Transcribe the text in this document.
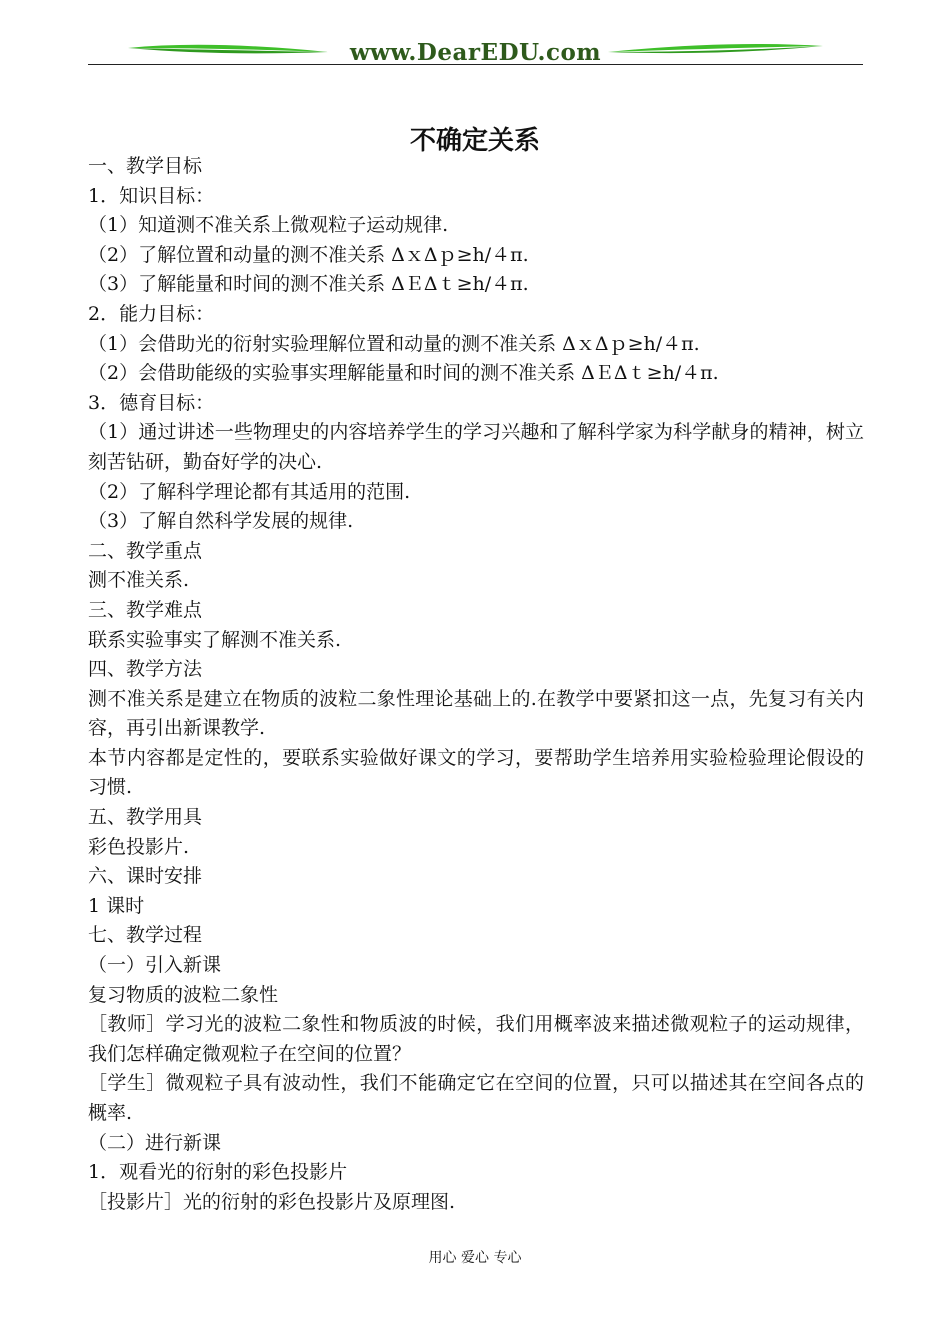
www.DearEDU.com
不确定关系
一、教学目标
1．知识目标：
（1）知道测不准关系上微观粒子运动规律.
（2）了解位置和动量的测不准关系 ΔｘΔｐ≥h/４π.
（3）了解能量和时间的测不准关系 ΔＥΔｔ≥h/４π.
2．能力目标：
（1）会借助光的衍射实验理解位置和动量的测不准关系 ΔｘΔｐ≥h/４π.
（2）会借助能级的实验事实理解能量和时间的测不准关系 ΔＥΔｔ≥h/４π.
3．德育目标：
（1）通过讲述一些物理史的内容培养学生的学习兴趣和了解科学家为科学献身的精神，树立刻苦钻研，勤奋好学的决心.
（2）了解科学理论都有其适用的范围.
（3）了解自然科学发展的规律.
二、教学重点
测不准关系.
三、教学难点
联系实验事实了解测不准关系.
四、教学方法
测不准关系是建立在物质的波粒二象性理论基础上的.在教学中要紧扣这一点，先复习有关内容，再引出新课教学.
本节内容都是定性的，要联系实验做好课文的学习，要帮助学生培养用实验检验理论假设的习惯.
五、教学用具
彩色投影片.
六、课时安排
1 课时
七、教学过程
（一）引入新课
复习物质的波粒二象性
［教师］学习光的波粒二象性和物质波的时候，我们用概率波来描述微观粒子的运动规律，我们怎样确定微观粒子在空间的位置？
［学生］微观粒子具有波动性，我们不能确定它在空间的位置，只可以描述其在空间各点的概率.
（二）进行新课
1．观看光的衍射的彩色投影片
［投影片］光的衍射的彩色投影片及原理图.
用心 爱心 专心
